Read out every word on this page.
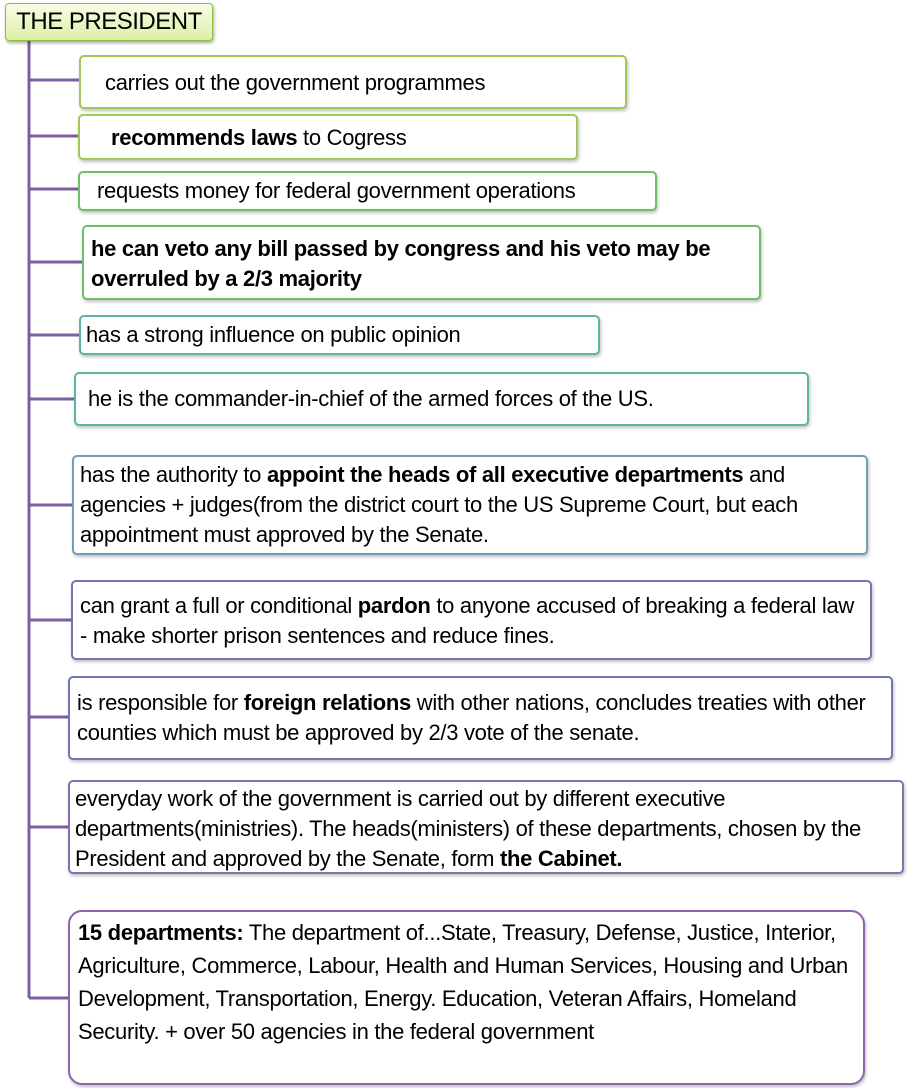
THE PRESIDENT
carries out the government programmes
recommends laws to Cogress
requests money for federal government operations
he can veto any bill passed by congress and his veto may be overruled by a 2/3 majority
has a strong influence on public opinion
he is the commander-in-chief of the armed forces of the US.
has the authority to appoint the heads of all executive departments and agencies + judges(from the district court to the US Supreme Court, but each appointment must approved by the Senate.
can grant a full or conditional pardon to anyone accused of breaking a federal law - make shorter prison sentences and reduce fines.
is responsible for foreign relations with other nations, concludes treaties with other counties which must be approved by 2/3 vote of the senate.
everyday work of the government is carried out by different executive departments(ministries). The heads(ministers) of these departments, chosen by the President and approved by the Senate, form the Cabinet.
15 departments: The department of...State, Treasury, Defense, Justice, Interior, Agriculture, Commerce, Labour, Health and Human Services, Housing and Urban Development, Transportation, Energy. Education, Veteran Affairs, Homeland Security. + over 50 agencies in the federal government
